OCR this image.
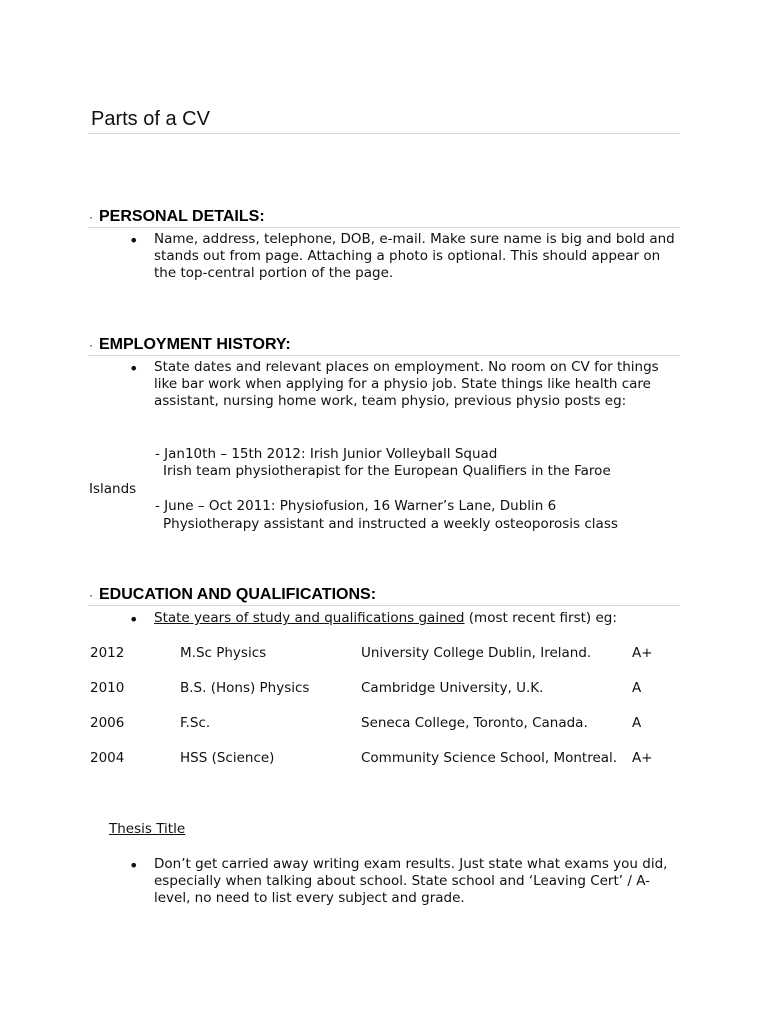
Parts of a CV
· PERSONAL DETAILS:
• Name, address, telephone, DOB, e-mail. Make sure name is big and bold and stands out from page. Attaching a photo is optional. This should appear on the top-central portion of the page.
· EMPLOYMENT HISTORY:
• State dates and relevant places on employment. No room on CV for things like bar work when applying for a physio job. State things like health care assistant, nursing home work, team physio, previous physio posts eg:
- Jan10th – 15th 2012: Irish Junior Volleyball Squad
Irish team physiotherapist for the European Qualifiers in the Faroe
Islands
- June – Oct 2011: Physiofusion, 16 Warner’s Lane, Dublin 6
Physiotherapy assistant and instructed a weekly osteoporosis class
· EDUCATION AND QUALIFICATIONS:
• State years of study and qualifications gained (most recent first) eg:
2012	M.Sc Physics	University College Dublin, Ireland.	A+
2010	B.S. (Hons) Physics	Cambridge University, U.K.	A
2006	F.Sc.	Seneca College, Toronto, Canada.	A
2004	HSS (Science)	Community Science School, Montreal. A+
Thesis Title
• Don’t get carried away writing exam results. Just state what exams you did, especially when talking about school. State school and ‘Leaving Cert’ / A-level, no need to list every subject and grade.
